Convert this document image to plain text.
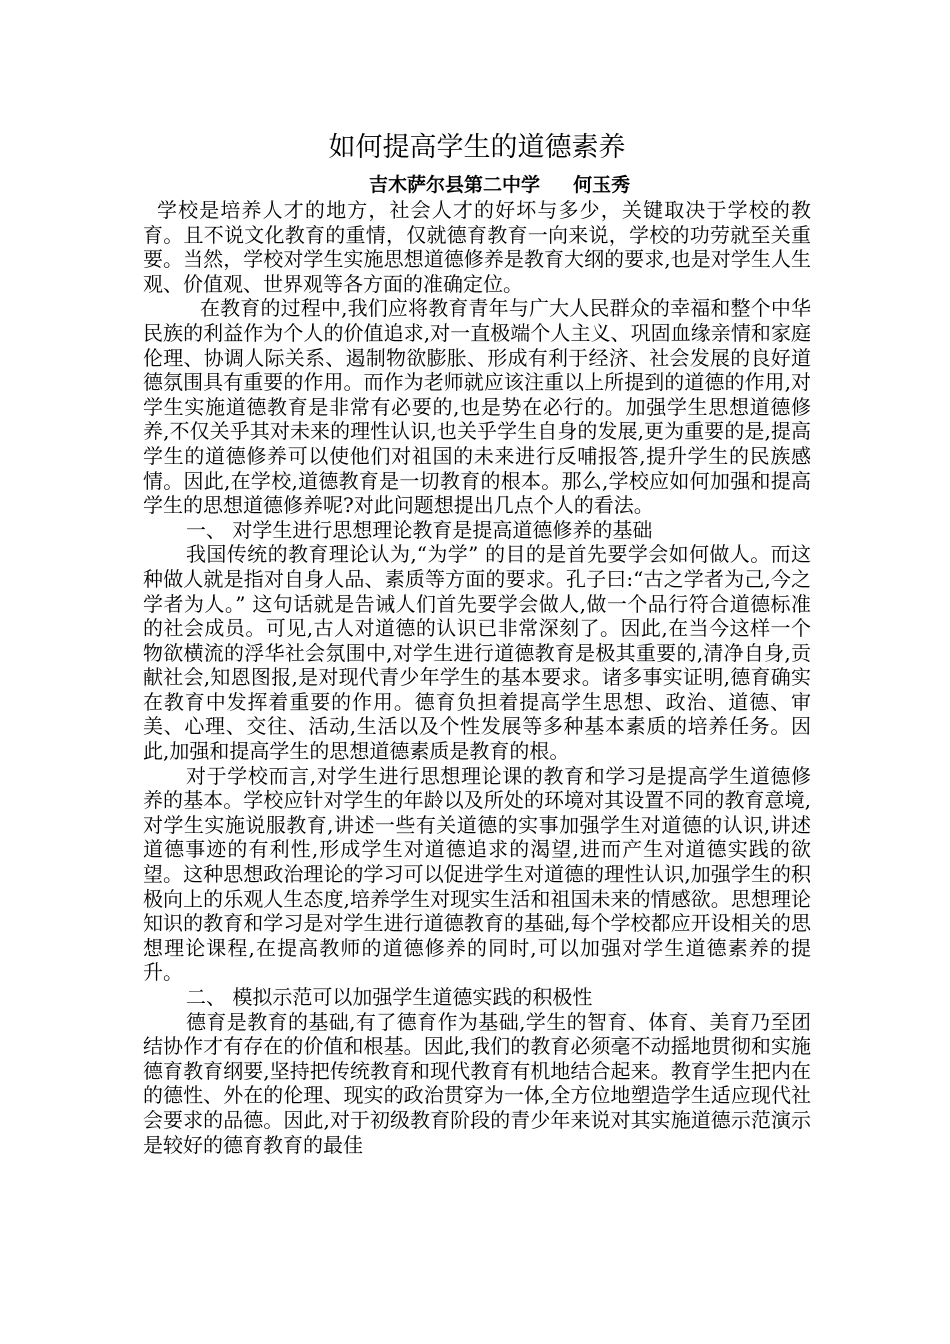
如何提高学生的道德素养
吉木萨尔县第二中学     何玉秀

学校是培养人才的地方，社会人才的好坏与多少，关键取决于学校的教育。且不说文化教育的重情，仅就德育教育一向来说，学校的功劳就至关重要。当然，学校对学生实施思想道德修养是教育大纲的要求,也是对学生人生观、价值观、世界观等各方面的准确定位。

在教育的过程中,我们应将教育青年与广大人民群众的幸福和整个中华民族的利益作为个人的价值追求,对一直极端个人主义、巩固血缘亲情和家庭伦理、协调人际关系、遏制物欲膨胀、形成有利于经济、社会发展的良好道德氛围具有重要的作用。而作为老师就应该注重以上所提到的道德的作用,对学生实施道德教育是非常有必要的,也是势在必行的。加强学生思想道德修养,不仅关乎其对未来的理性认识,也关乎学生自身的发展,更为重要的是,提高学生的道德修养可以使他们对祖国的未来进行反哺报答,提升学生的民族感情。因此,在学校,道德教育是一切教育的根本。那么,学校应如何加强和提高学生的思想道德修养呢?对此问题想提出几点个人的看法。

一、 对学生进行思想理论教育是提高道德修养的基础

我国传统的教育理论认为,“为学” 的目的是首先要学会如何做人。而这种做人就是指对自身人品、素质等方面的要求。孔子曰:“古之学者为己,今之学者为人。” 这句话就是告诫人们首先要学会做人,做一个品行符合道德标准的社会成员。可见,古人对道德的认识已非常深刻了。因此,在当今这样一个物欲横流的浮华社会氛围中,对学生进行道德教育是极其重要的,清净自身,贡献社会,知恩图报,是对现代青少年学生的基本要求。诸多事实证明,德育确实在教育中发挥着重要的作用。德育负担着提高学生思想、政治、道德、审美、心理、交往、活动,生活以及个性发展等多种基本素质的培养任务。因此,加强和提高学生的思想道德素质是教育的根。

对于学校而言,对学生进行思想理论课的教育和学习是提高学生道德修养的基本。学校应针对学生的年龄以及所处的环境对其设置不同的教育意境,对学生实施说服教育,讲述一些有关道德的实事加强学生对道德的认识,讲述道德事迹的有利性,形成学生对道德追求的渴望,进而产生对道德实践的欲望。这种思想政治理论的学习可以促进学生对道德的理性认识,加强学生的积极向上的乐观人生态度,培养学生对现实生活和祖国未来的情感欲。思想理论知识的教育和学习是对学生进行道德教育的基础,每个学校都应开设相关的思想理论课程,在提高教师的道德修养的同时,可以加强对学生道德素养的提升。

二、 模拟示范可以加强学生道德实践的积极性

德育是教育的基础,有了德育作为基础,学生的智育、体育、美育乃至团结协作才有存在的价值和根基。因此,我们的教育必须毫不动摇地贯彻和实施德育教育纲要,坚持把传统教育和现代教育有机地结合起来。教育学生把内在的德性、外在的伦理、现实的政治贯穿为一体,全方位地塑造学生适应现代社会要求的品德。因此,对于初级教育阶段的青少年来说对其实施道德示范演示是较好的德育教育的最佳
